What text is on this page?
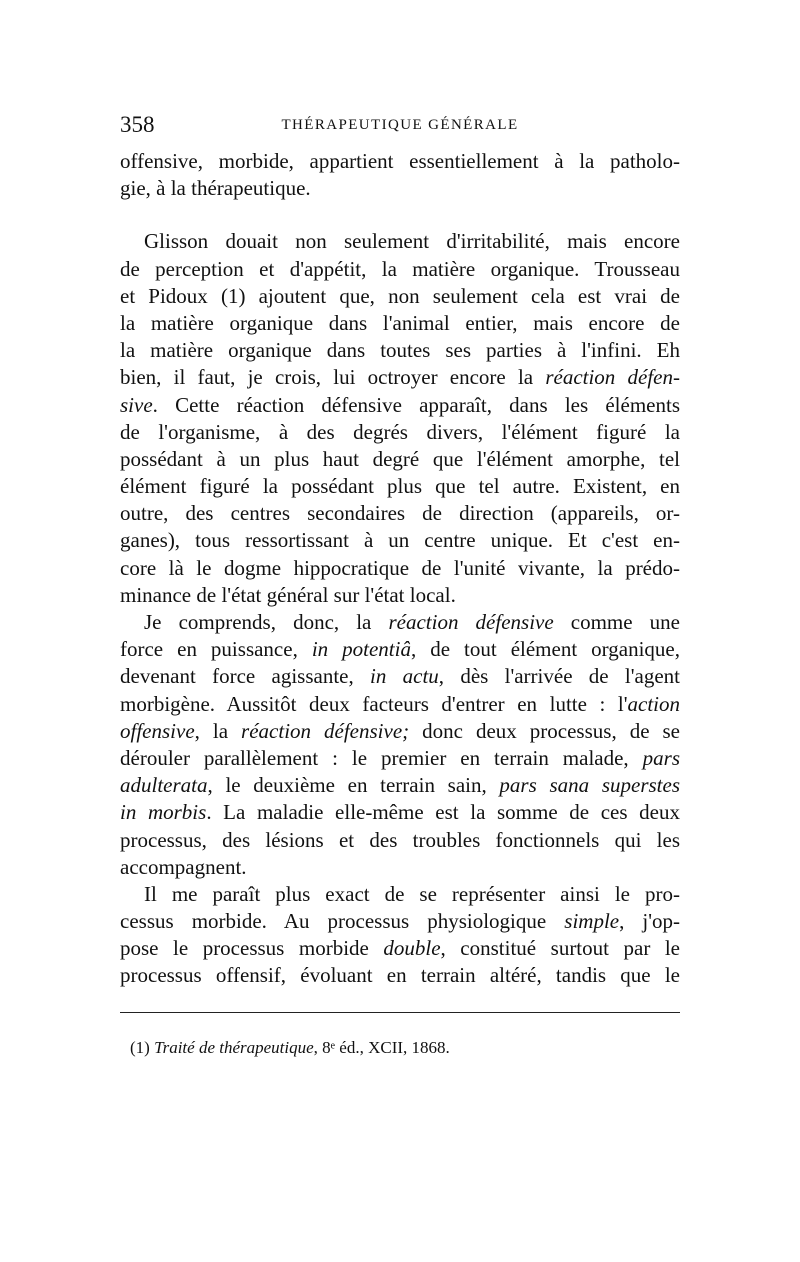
358	THÉRAPEUTIQUE GÉNÉRALE
offensive, morbide, appartient essentiellement à la patholo-
gie, à la thérapeutique.
Glisson douait non seulement d'irritabilité, mais encore
de perception et d'appétit, la matière organique. Trousseau
et Pidoux (1) ajoutent que, non seulement cela est vrai de
la matière organique dans l'animal entier, mais encore de
la matière organique dans toutes ses parties à l'infini. Eh
bien, il faut, je crois, lui octroyer encore la réaction défen-
sive. Cette réaction défensive apparaît, dans les éléments
de l'organisme, à des degrés divers, l'élément figuré la
possédant à un plus haut degré que l'élément amorphe, tel
élément figuré la possédant plus que tel autre. Existent, en
outre, des centres secondaires de direction (appareils, or-
ganes), tous ressortissant à un centre unique. Et c'est en-
core là le dogme hippocratique de l'unité vivante, la prédo-
minance de l'état général sur l'état local.
Je comprends, donc, la réaction défensive comme une
force en puissance, in potentiâ, de tout élément organique,
devenant force agissante, in actu, dès l'arrivée de l'agent
morbigène. Aussitôt deux facteurs d'entrer en lutte : l'action
offensive, la réaction défensive; donc deux processus, de se
dérouler parallèlement : le premier en terrain malade, pars
adulterata, le deuxième en terrain sain, pars sana superstes
in morbis. La maladie elle-même est la somme de ces deux
processus, des lésions et des troubles fonctionnels qui les
accompagnent.
Il me paraît plus exact de se représenter ainsi le pro-
cessus morbide. Au processus physiologique simple, j'op-
pose le processus morbide double, constitué surtout par le
processus offensif, évoluant en terrain altéré, tandis que le
(1) Traité de thérapeutique, 8ᵉ éd., XCII, 1868.
